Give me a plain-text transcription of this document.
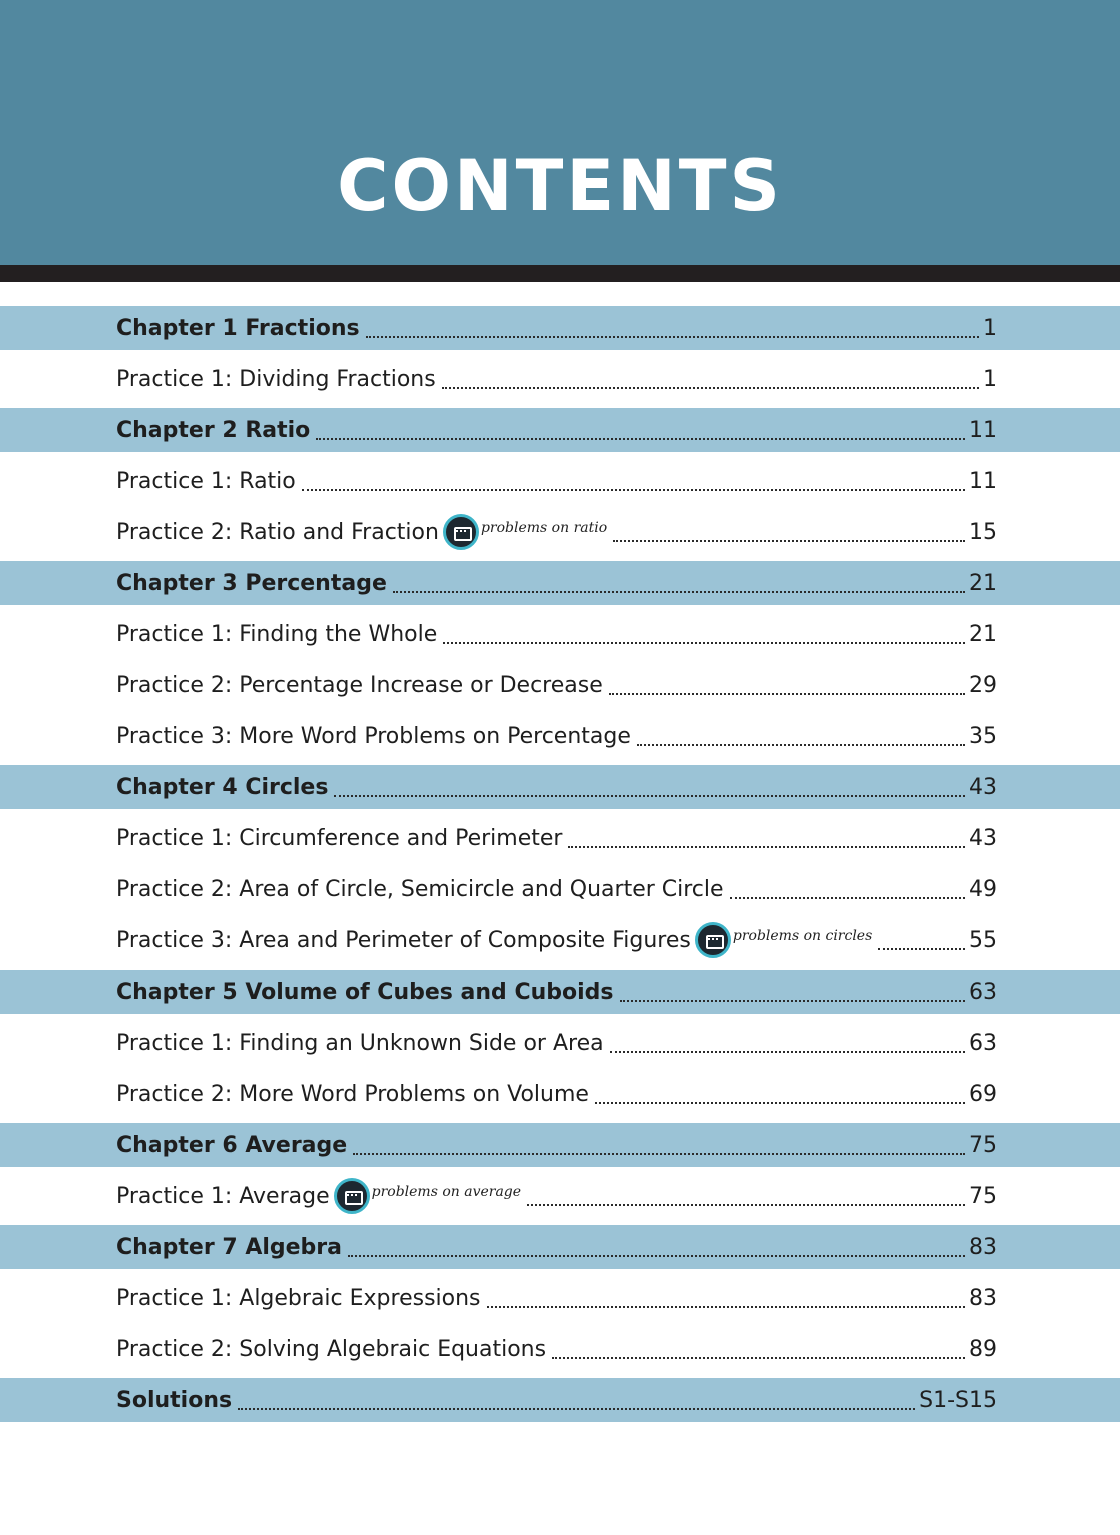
CONTENTS
Chapter 1 Fractions	1
Practice 1: Dividing Fractions	1
Chapter 2 Ratio	11
Practice 1: Ratio	11
Practice 2: Ratio and Fraction	problems on ratio	15
Chapter 3 Percentage	21
Practice 1: Finding the Whole	21
Practice 2: Percentage Increase or Decrease	29
Practice 3: More Word Problems on Percentage	35
Chapter 4 Circles	43
Practice 1: Circumference and Perimeter	43
Practice 2: Area of Circle, Semicircle and Quarter Circle	49
Practice 3: Area and Perimeter of Composite Figures	problems on circles	55
Chapter 5 Volume of Cubes and Cuboids	63
Practice 1: Finding an Unknown Side or Area	63
Practice 2: More Word Problems on Volume	69
Chapter 6 Average	75
Practice 1: Average	problems on average	75
Chapter 7 Algebra	83
Practice 1: Algebraic Expressions	83
Practice 2: Solving Algebraic Equations	89
Solutions	S1-S15
